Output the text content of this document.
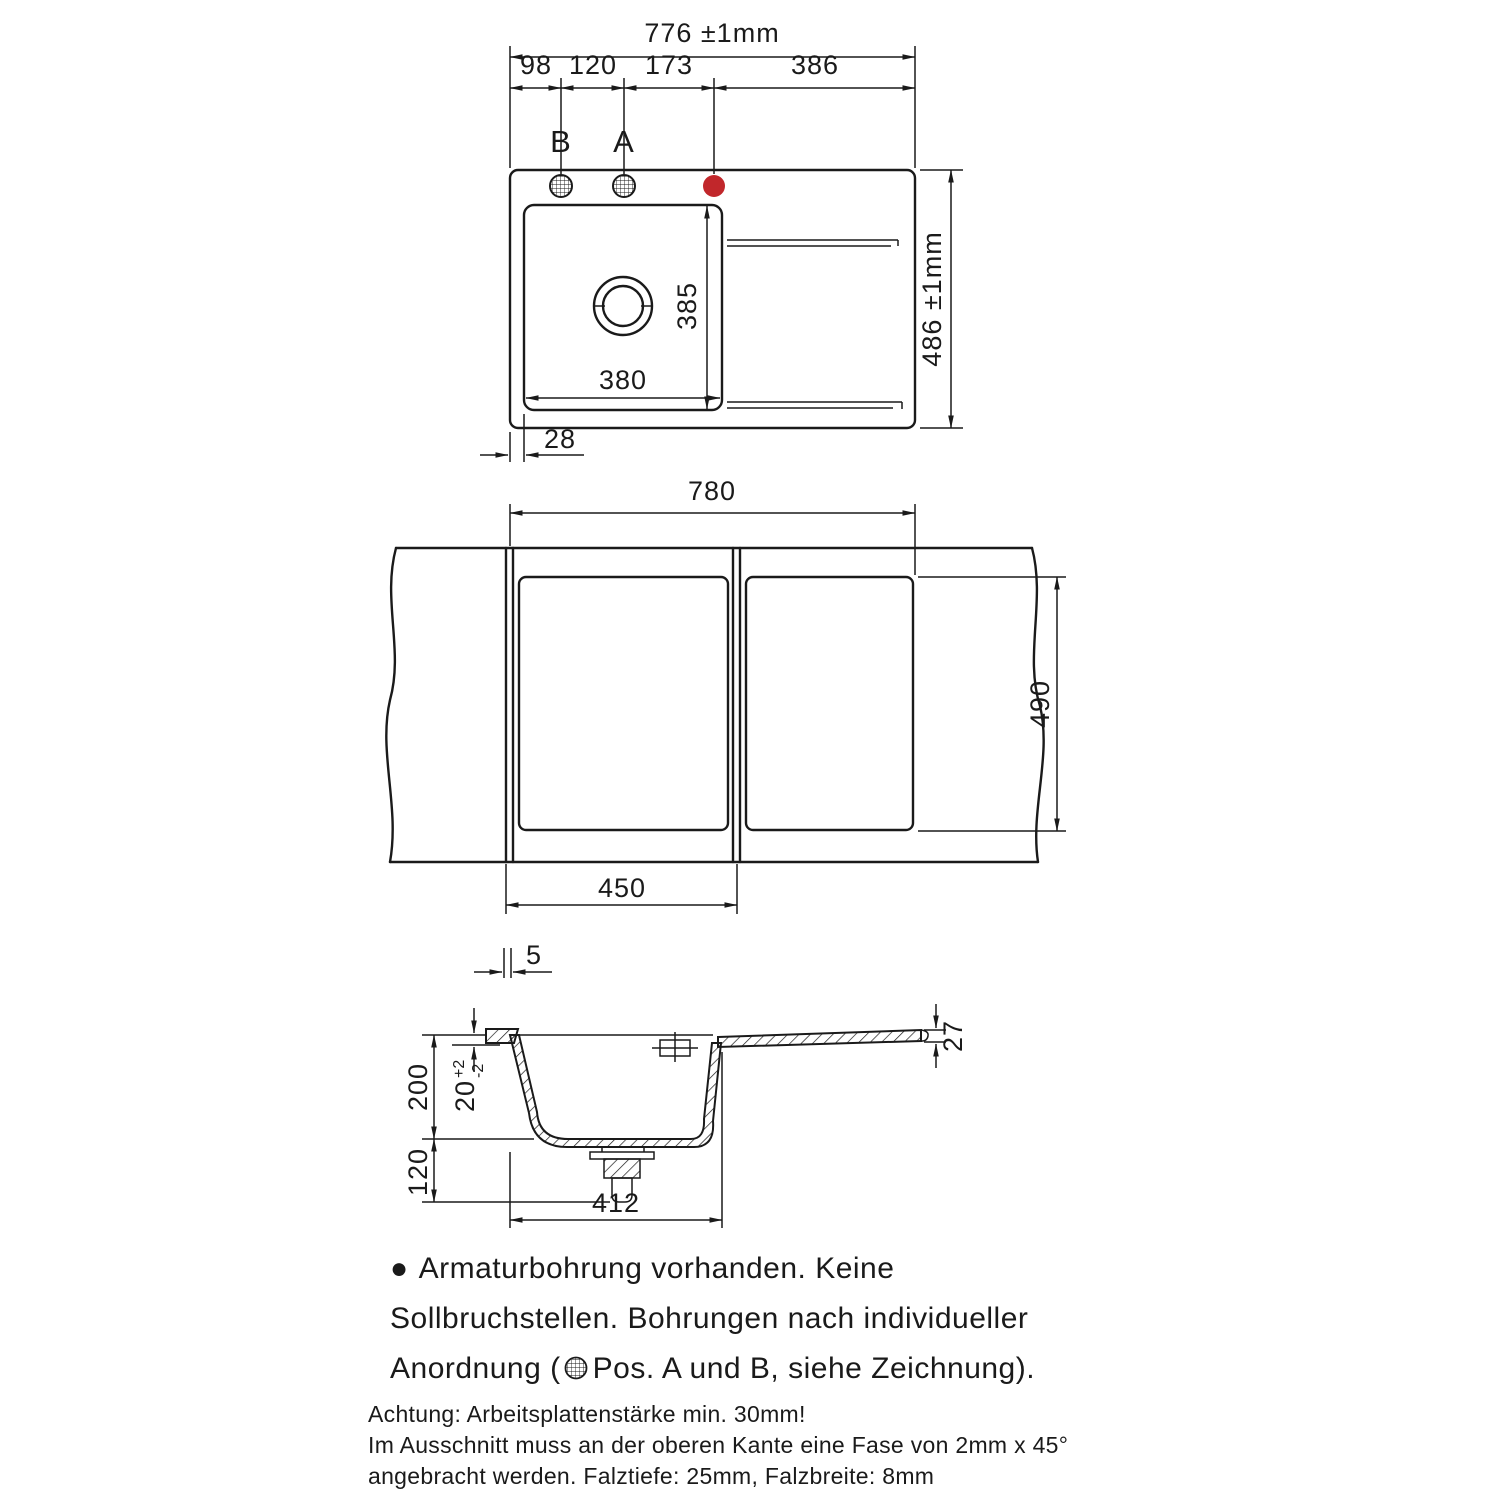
776 ±1mm
98 120 173	386
B A
385
380
486 ±1mm
28
780
490
450
5
200 20
+2 -2
120
412
27
● Armaturbohrung vorhanden. Keine
Sollbruchstellen. Bohrungen nach individueller
Anordnung ( Pos. A und B, siehe Zeichnung).
Achtung: Arbeitsplattenstärke min. 30mm!
Im Ausschnitt muss an der oberen Kante eine Fase von 2mm x 45°
angebracht werden. Falztiefe: 25mm, Falzbreite: 8mm
